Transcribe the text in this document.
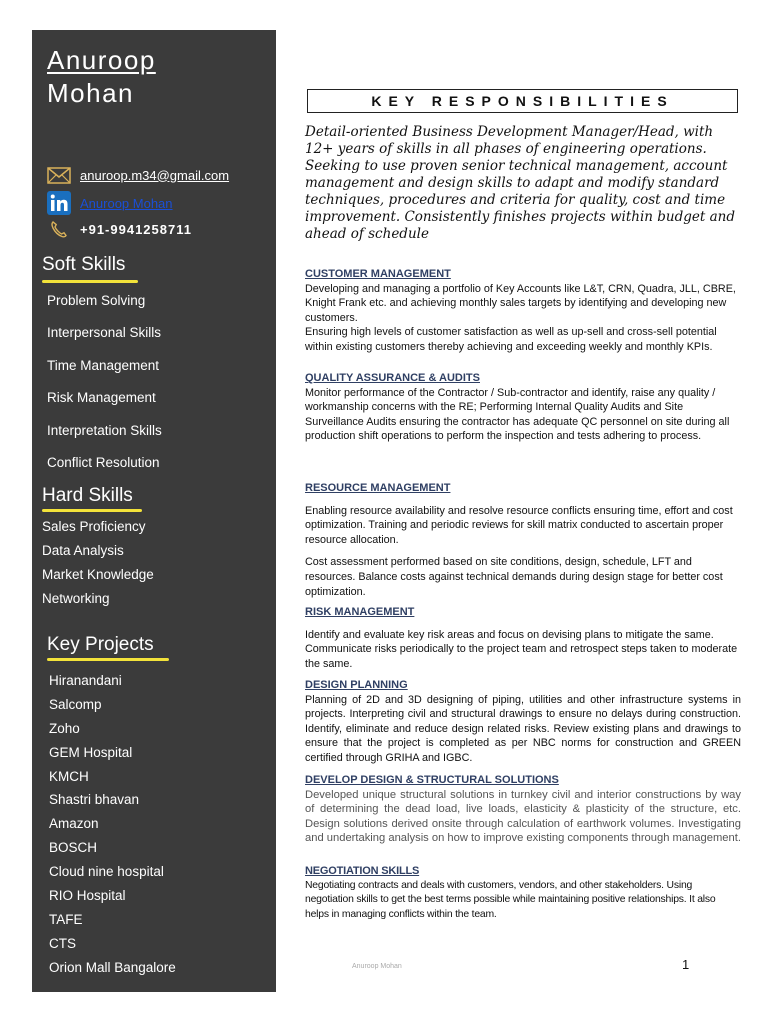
Anuroop
Mohan
anuroop.m34@gmail.com
Anuroop Mohan
+91-9941258711
Soft Skills
Problem Solving
Interpersonal Skills
Time Management
Risk Management
Interpretation Skills
Conflict Resolution
Hard Skills
Sales Proficiency
Data Analysis
Market Knowledge
Networking
Key Projects
Hiranandani
Salcomp
Zoho
GEM Hospital
KMCH
Shastri bhavan
Amazon
BOSCH
Cloud nine hospital
RIO Hospital
TAFE
CTS
Orion Mall Bangalore
KEY RESPONSIBILITIES
Detail-oriented Business Development Manager/Head, with 12+ years of skills in all phases of engineering operations. Seeking to use proven senior technical management, account management and design skills to adapt and modify standard techniques, procedures and criteria for quality, cost and time improvement. Consistently finishes projects within budget and ahead of schedule
CUSTOMER MANAGEMENT

Developing and managing a portfolio of Key Accounts like L&T, CRN, Quadra, JLL, CBRE, Knight Frank etc. and achieving monthly sales targets by identifying and developing new customers.

Ensuring high levels of customer satisfaction as well as up-sell and cross-sell potential within existing customers thereby achieving and exceeding weekly and monthly KPIs.

QUALITY ASSURANCE & AUDITS

Monitor performance of the Contractor / Sub-contractor and identify, raise any quality / workmanship concerns with the RE; Performing Internal Quality Audits and Site Surveillance Audits ensuring the contractor has adequate QC personnel on site during all production shift operations to perform the inspection and tests adhering to process.

RESOURCE MANAGEMENT

Enabling resource availability and resolve resource conflicts ensuring time, effort and cost optimization. Training and periodic reviews for skill matrix conducted to ascertain proper resource allocation.

Cost assessment performed based on site conditions, design, schedule, LFT and resources. Balance costs against technical demands during design stage for better cost optimization.

RISK MANAGEMENT

Identify and evaluate key risk areas and focus on devising plans to mitigate the same. Communicate risks periodically to the project team and retrospect steps taken to moderate the same.

DESIGN PLANNING

Planning of 2D and 3D designing of piping, utilities and other infrastructure systems in projects. Interpreting civil and structural drawings to ensure no delays during construction. Identify, eliminate and reduce design related risks. Review existing plans and drawings to ensure that the project is completed as per NBC norms for construction and GREEN certified through GRIHA and IGBC.

DEVELOP DESIGN & STRUCTURAL SOLUTIONS

Developed unique structural solutions in turnkey civil and interior constructions by way of determining the dead load, live loads, elasticity & plasticity of the structure, etc. Design solutions derived onsite through calculation of earthwork volumes. Investigating and undertaking analysis on how to improve existing components through management.

NEGOTIATION SKILLS

Negotiating contracts and deals with customers, vendors, and other stakeholders. Using negotiation skills to get the best terms possible while maintaining positive relationships. It also helps in managing conflicts within the team.

Anuroop Mohan	1
